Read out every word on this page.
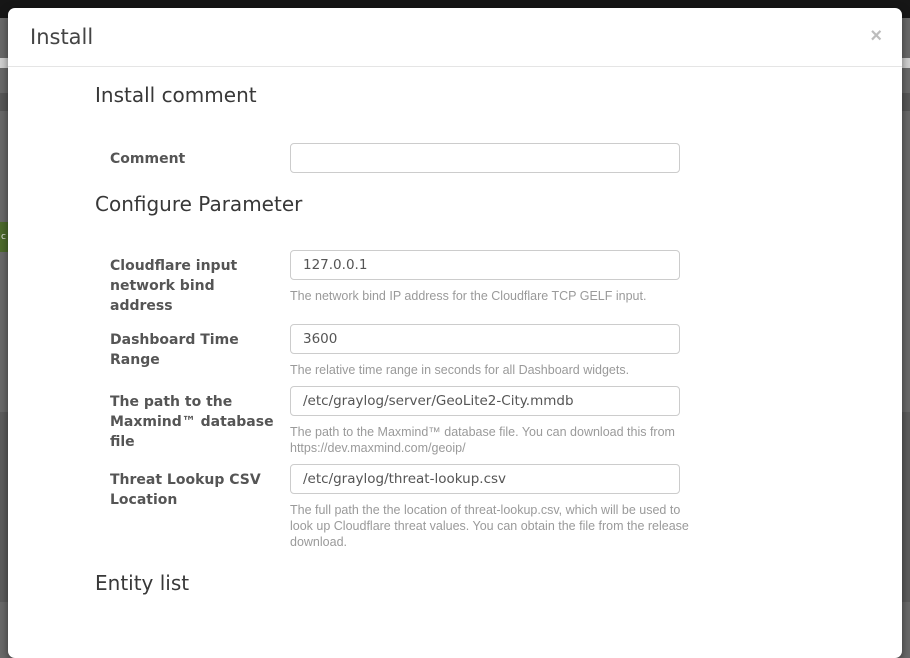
c
Install	×
Install comment
Comment
Configure Parameter
Cloudflare input network bind address
127.0.0.1
The network bind IP address for the Cloudflare TCP GELF input.
Dashboard Time Range
3600
The relative time range in seconds for all Dashboard widgets.
The path to the Maxmind™ database file
/etc/graylog/server/GeoLite2-City.mmdb
The path to the Maxmind™ database file. You can download this from https://dev.maxmind.com/geoip/
Threat Lookup CSV Location
/etc/graylog/threat-lookup.csv
The full path the the location of threat-lookup.csv, which will be used to look up Cloudflare threat values. You can obtain the file from the release download.
Entity list
